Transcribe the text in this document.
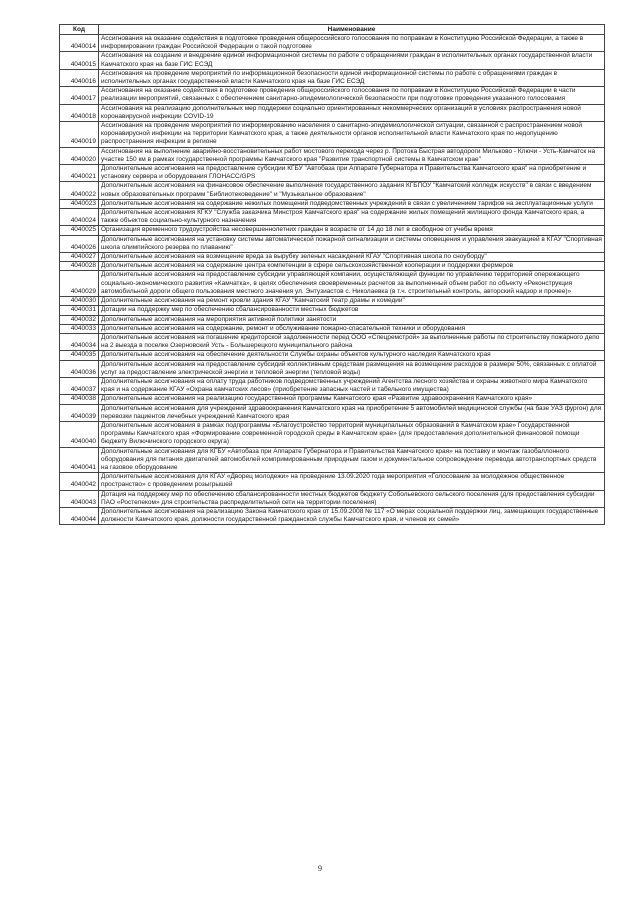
Код	Наименование
4040014	Ассигнования на оказание содействия в подготовке проведения общероссийского голосования по поправкам в Конституцию Российской Федерации, а также в информировании граждан Российской Федерации о такой подготовке
4040015	Ассигнования на создание и внедрение единой информационной системы по работе с обращениями граждан в исполнительных органах государственной власти Камчатского края на базе ГИС ЕСЭД
4040016	Ассигнования на проведение мероприятий по информационной безопасности единой информационной системы по работе с обращениями граждан в исполнительных органах государственной власти Камчатского края на базе ГИС ЕСЭД
4040017	Ассигнования на оказание содействия в подготовке проведения общероссийского голосования по поправкам в Конституцию Российской Федерации в части реализации мероприятий, связанных с обеспечением санитарно-эпидемиологической безопасности при подготовке проведения указанного голосования
4040018	Ассигнования на реализацию дополнительных мер поддержки социально ориентированных некоммерческих организаций в условиях распространения новой коронавирусной инфекции COVID-19
4040019	Ассигнования на проведение мероприятий по информированию населения о санитарно-эпидемиологической ситуации, связанной с распространением новой коронавирусной инфекции на территории Камчатского края, а также деятельности органов исполнительной власти Камчатского края по недопущению распространения инфекции в регионе
4040020	Ассигнования на выполнение аварийно-восстановительных работ мостового перехода через р. Протока Быстрая автодороги Мильково - Ключи - Усть-Камчатск на участке 150 км в рамках государственной программы Камчатского края "Развитие транспортной системы в Камчатском крае"
4040021	Дополнительные ассигнования на предоставление субсидии КГБУ "Автобаза при Аппарате Губернатора и Правительства Камчатского края" на приобретение и установку сервера и оборудования ГЛОНАСС/GPS
4040022	Дополнительные ассигнования на финансовое обеспечение выполнения государственного задания КГБПОУ "Камчатский колледж искусств" в связи с введением новых образовательных программ "Библиотековедение" и "Музыкальное образование"
4040023	Дополнительные ассигнования на содержание нежилых помещений подведомственных учреждений в связи с увеличением тарифов на эксплуатационные услуги
4040024	Дополнительные ассигнования КГКУ "Служба заказчика Минстроя Камчатского края" на содержание жилых помещений жилищного фонда Камчатского края, а также объектов социально-культурного назначения
4040025	Организация временного трудоустройства несовершеннолетних граждан в возрасте от 14 до 18 лет в свободное от учебы время
4040026	Дополнительные ассигнования на установку системы автоматической пожарной сигнализации и системы оповещения и управления эвакуацией в КГАУ "Спортивная школа олимпийского резерва по плаванию"
4040027	Дополнительные ассигнования на возмещение вреда за вырубку зеленых насаждений КГАУ "Спортивная школа по сноуборду"
4040028	Дополнительные ассигнования на содержание центра компетенции в сфере сельскохозяйственной кооперации и поддержки фермеров
4040029	Дополнительные ассигнования на предоставление субсидии управляющей компании, осуществляющей функции по управлению территорией опережающего социально-экономического развития «Камчатка», в целях обеспечения своевременных расчетов за выполненный объем работ по объекту «Реконструкция автомобильной дороги общего пользования местного значения ул. Энтузиастов с. Николаевка (в т.ч. строительный контроль, авторский надзор и прочее)»
4040030	Дополнительные ассигнования на ремонт кровли здания КГАУ "Камчатский театр драмы и комедии"
4040031	Дотации на поддержку мер по обеспечению сбалансированности местных бюджетов
4040032	Дополнительные ассигнования на мероприятия активной политики занятости
4040033	Дополнительные ассигнования на содержание, ремонт и обслуживание пожарно-спасательной техники и оборудования
4040034	Дополнительные ассигнования на погашение кредиторской задолженности перед ООО «Спецремстрой» за выполненные работы по строительству пожарного депо на 2 выезда в поселке Озерновский Усть - Большерецкого муниципального района
4040035	Дополнительные ассигнования на обеспечение деятельности Службы охраны объектов культурного наследия Камчатского края
4040036	Дополнительные ассигнования на предоставление субсидий коллективным средствам размещения на возмещение расходов в размере 50%, связанных с оплатой услуг за предоставление электрической энергии и тепловой энергии (тепловой воды)
4040037	Дополнительные ассигнования на оплату труда работников подведомственных учреждений Агентства лесного хозяйства и охраны животного мира Камчатского края и на содержание КГАУ «Охрана камчатских лесов» (приобретение запасных частей и табельного имущества)
4040038	Дополнительные ассигнования на реализацию государственной программы Камчатского края «Развитие здравоохранения Камчатского края»
4040039	Дополнительные ассигнования для учреждений здравоохранения Камчатского края на приобретение 5 автомобилей медицинской службы (на базе УАЗ фургон) для перевозки пациентов лечебных учреждений Камчатского края
4040040	Дополнительные ассигнования в рамках подпрограммы «Благоустройство территорий муниципальных образований в Камчатском крае» Государственной программы Камчатского края «Формирование современной городской среды в Камчатском крае» (для предоставления дополнительной финансовой помощи бюджету Вилючинского городского округа)
4040041	Дополнительные ассигнования для КГБУ «Автобаза при Аппарате Губернатора и Правительства Камчатского края» на поставку и монтаж газобаллонного оборудования для питания двигателей автомобилей компримированным природным газом и документальное сопровождение перевода автотранспортных средств на газовое оборудование
4040042	Дополнительные ассигнования для КГАУ «Дворец молодежи» на проведение 13.09.2020 года мероприятия «Голосование за молодежное общественное пространство» с проведением розыгрышей
4040043	Дотация на поддержку мер по обеспечению сбалансированности местных бюджетов бюджету Собольевского сельского поселения (для предоставления субсидии ПАО «Ростелеком» для строительства распределительной сети на территории поселения)
4040044	Дополнительные ассигнования на реализацию Закона Камчатского края от 15.09.2008 № 117 «О мерах социальной поддержки лиц, замещающих государственные должности Камчатского края, должности государственной гражданской службы Камчатского края, и членов их семей»
9
